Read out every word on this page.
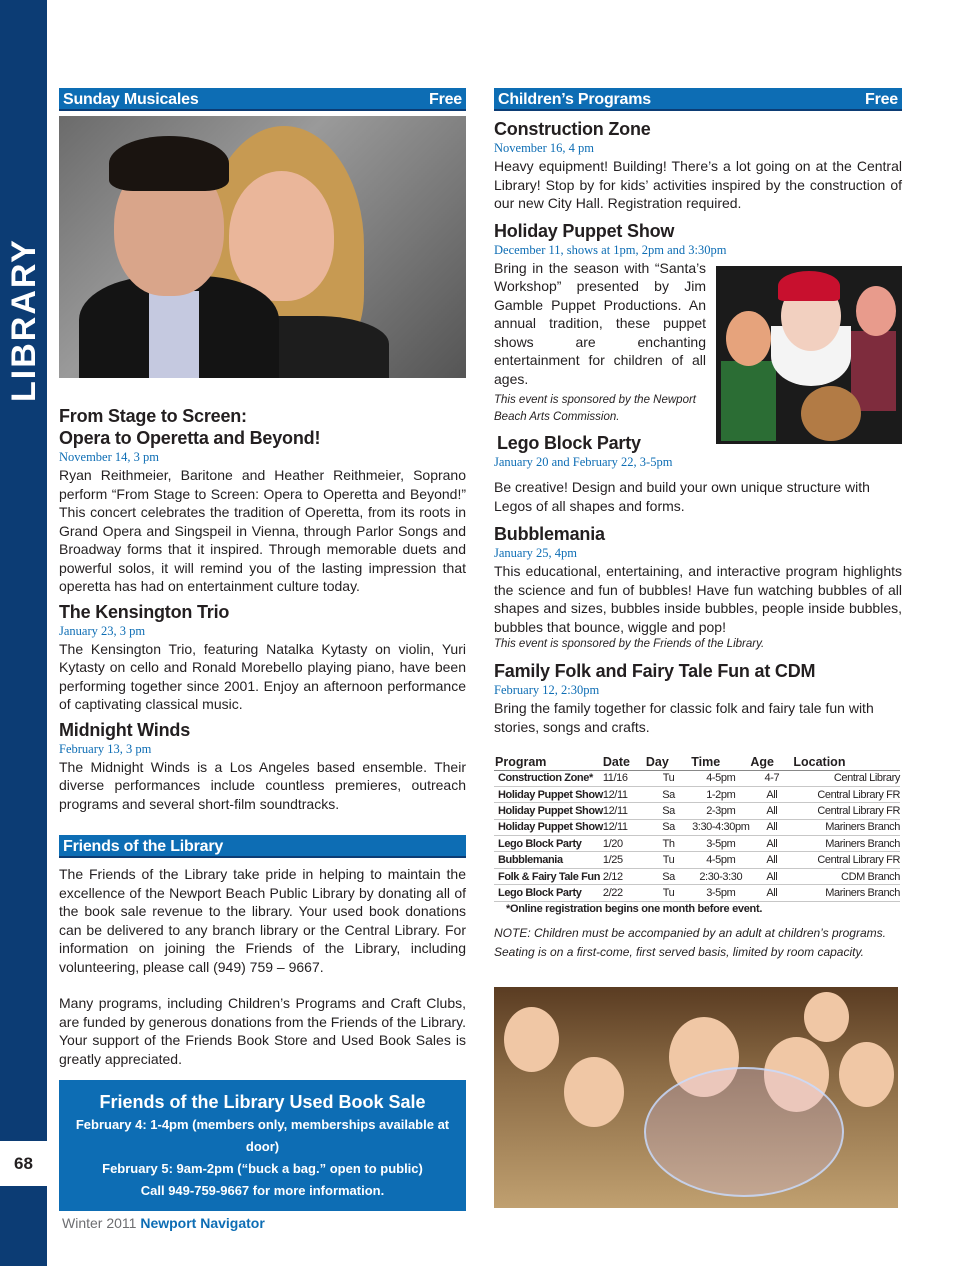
LIBRARY
68
Sunday Musicales	Free
From Stage to Screen:
Opera to Operetta and Beyond!
November 14, 3 pm

Ryan Reithmeier, Baritone and Heather Reithmeier, Soprano perform “From Stage to Screen: Opera to Operetta and Beyond!” This concert celebrates the tradition of Operetta, from its roots in Grand Opera and Singspeil in Vienna, through Parlor Songs and Broadway forms that it inspired. Through memorable duets and powerful solos, it will remind you of the lasting impression that operetta has had on entertainment culture today.

The Kensington Trio
January 23, 3 pm

The Kensington Trio, featuring Natalka Kytasty on violin, Yuri Kytasty on cello and Ronald Morebello playing piano, have been performing together since 2001. Enjoy an afternoon performance of captivating classical music.

Midnight Winds
February 13, 3 pm

The Midnight Winds is a Los Angeles based ensemble. Their diverse performances include countless premieres, outreach programs and several short-film soundtracks.

Friends of the Library

The Friends of the Library take pride in helping to maintain the excellence of the Newport Beach Public Library by donating all of the book sale revenue to the library. Your used book donations can be delivered to any branch library or the Central Library. For information on joining the Friends of the Library, including volunteering, please call (949) 759 – 9667.

Many programs, including Children’s Programs and Craft Clubs, are funded by generous donations from the Friends of the Library. Your support of the Friends Book Store and Used Book Sales is greatly appreciated.

Friends of the Library Used Book Sale
February 4: 1-4pm (members only, memberships available at door)
February 5: 9am-2pm (“buck a bag.” open to public)
Call 949-759-9667 for more information.
Children’s Programs	Free
Construction Zone
November 16, 4 pm

Heavy equipment! Building! There’s a lot going on at the Central Library! Stop by for kids’ activities inspired by the construction of our new City Hall. Registration required.

Holiday Puppet Show
December 11, shows at 1pm, 2pm and 3:30pm

Bring in the season with “Santa’s Workshop” presented by Jim Gamble Puppet Productions. An annual tradition, these puppet shows are enchanting entertainment for children of all ages.

This event is sponsored by the Newport Beach Arts Commission.
Lego Block Party
January 20 and February 22, 3-5pm

Be creative! Design and build your own unique structure with Legos of all shapes and forms.

Bubblemania
January 25, 4pm

This educational, entertaining, and interactive program highlights the science and fun of bubbles! Have fun watching bubbles of all shapes and sizes, bubbles inside bubbles, people inside bubbles, bubbles that bounce, wiggle and pop!

This event is sponsored by the Friends of the Library.
Family Folk and Fairy Tale Fun at CDM
February 12, 2:30pm

Bring the family together for classic folk and fairy tale fun with stories, songs and crafts.

Program	Date	Day	Time	Age	Location
Construction Zone*	11/16	Tu	4-5pm	4-7	Central Library
Holiday Puppet Show	12/11	Sa	1-2pm	All	Central Library FR
Holiday Puppet Show	12/11	Sa	2-3pm	All	Central Library FR
Holiday Puppet Show	12/11	Sa	3:30-4:30pm	All	Mariners Branch
Lego Block Party	1/20	Th	3-5pm	All	Mariners Branch
Bubblemania	1/25	Tu	4-5pm	All	Central Library FR
Folk & Fairy Tale Fun	2/12	Sa	2:30-3:30	All	CDM Branch
Lego Block Party	2/22	Tu	3-5pm	All	Mariners Branch
*Online registration begins one month before event.
NOTE: Children must be accompanied by an adult at children’s programs. Seating is on a first-come, first served basis, limited by room capacity.
Winter 2011 Newport Navigator
